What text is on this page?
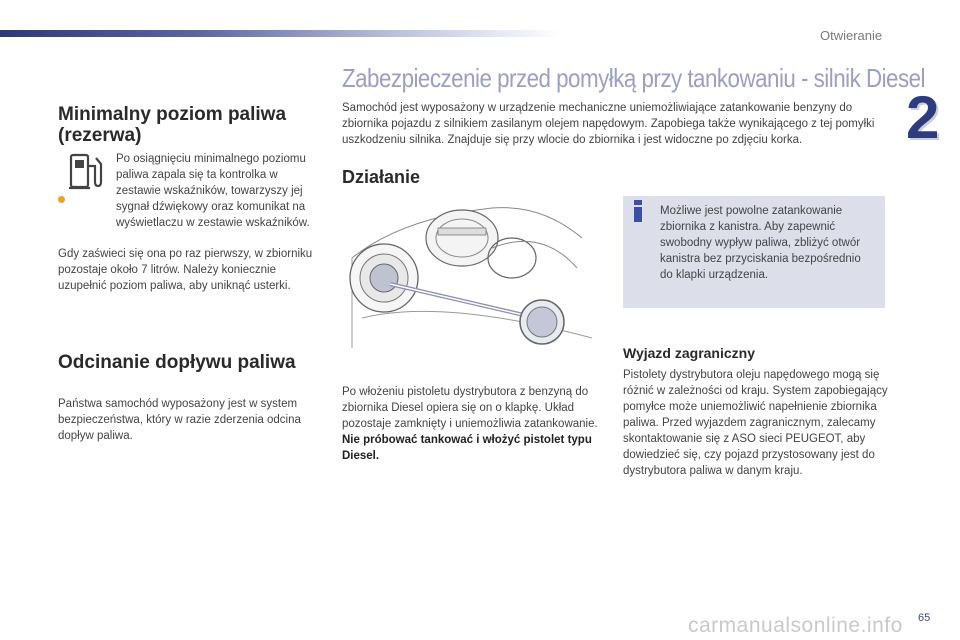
Otwieranie
2
Minimalny poziom paliwa (rezerwa)
Po osiągnięciu minimalnego poziomu paliwa zapala się ta kontrolka w zestawie wskaźników, towarzyszy jej sygnał dźwiękowy oraz komunikat na wyświetlaczu w zestawie wskaźników.
Gdy zaświeci się ona po raz pierwszy, w zbiorniku pozostaje około 7 litrów. Należy koniecznie uzupełnić poziom paliwa, aby uniknąć usterki.
Odcinanie dopływu paliwa
Państwa samochód wyposażony jest w system bezpieczeństwa, który w razie zderzenia odcina dopływ paliwa.
Zabezpieczenie przed pomyłką przy tankowaniu - silnik Diesel
Samochód jest wyposażony w urządzenie mechaniczne uniemożliwiające zatankowanie benzyny do zbiornika pojazdu z silnikiem zasilanym olejem napędowym. Zapobiega także wynikającego z tej pomyłki uszkodzeniu silnika. Znajduje się przy wlocie do zbiornika i jest widoczne po zdjęciu korka.
Działanie
Po włożeniu pistoletu dystrybutora z benzyną do zbiornika Diesel opiera się on o klapkę. Układ pozostaje zamknięty i uniemożliwia zatankowanie.
Nie próbować tankować i włożyć pistolet typu Diesel.
Możliwe jest powolne zatankowanie zbiornika z kanistra. Aby zapewnić swobodny wypływ paliwa, zbliżyć otwór kanistra bez przyciskania bezpośrednio do klapki urządzenia.
Wyjazd zagraniczny
Pistolety dystrybutora oleju napędowego mogą się różnić w zależności od kraju. System zapobiegający pomyłce może uniemożliwić napełnienie zbiornika paliwa. Przed wyjazdem zagranicznym, zalecamy skontaktowanie się z ASO sieci PEUGEOT, aby dowiedzieć się, czy pojazd przystosowany jest do dystrybutora paliwa w danym kraju.
carmanualsonline.info 65
